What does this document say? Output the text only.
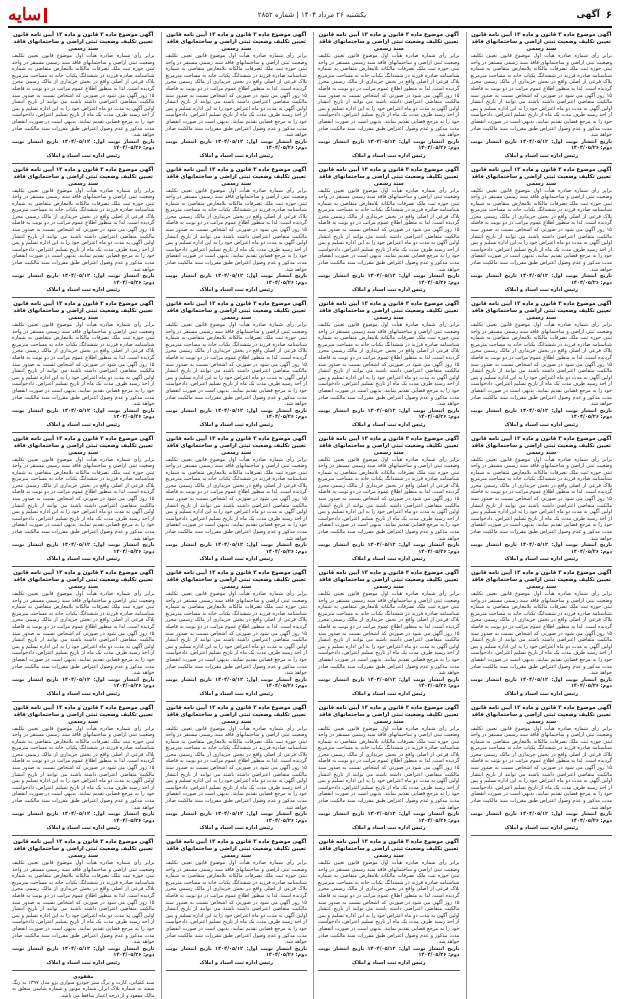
۶
آگهی
یکشنبه ۲۶ مرداد ۱۴۰۴ | شماره ۲۸۵۲
سایه
آگهی موضوع ماده ۳ قانون و ماده ۱۳ آیین نامه قانون تعیین تکلیف وضعیت ثبتی اراضی و ساختمانهای فاقد سند رسمی
برابر رأی شماره صادره هیأت اول موضوع قانون تعیین تکلیف وضعیت ثبتی اراضی و ساختمانهای فاقد سند رسمی مستقر در واحد ثبتی حوزه ثبت ملک تصرفات مالکانه بلامعارض متقاضی به شماره شناسنامه صادره فرزند در ششدانگ یکباب خانه به مساحت مترمربع پلاک فرعی از اصلی واقع در بخش خریداری از مالک رسمی محرز گردیده است. لذا به منظور اطلاع عموم مراتب در دو نوبت به فاصله ۱۵ روز آگهی می شود در صورتی که اشخاص نسبت به صدور سند مالکیت متقاضی اعتراضی داشته باشند می توانند از تاریخ انتشار اولین آگهی به مدت دو ماه اعتراض خود را به این اداره تسلیم و پس از اخذ رسید ظرف مدت یک ماه از تاریخ تسلیم اعتراض، دادخواست خود را به مرجع قضایی تقدیم نمایند. بدیهی است در صورت انقضای مدت مذکور و عدم وصول اعتراض طبق مقررات سند مالکیت صادر خواهد شد.
تاریخ انتشار نوبت اول: ۱۴۰۴/۰۵/۱۲ تاریخ انتشار نوبت دوم: ۱۴۰۴/۰۵/۲۶
رئیس اداره ثبت اسناد و املاک
آگهی موضوع ماده ۳ قانون و ماده ۱۳ آیین نامه قانون تعیین تکلیف وضعیت ثبتی اراضی و ساختمانهای فاقد سند رسمی
برابر رأی شماره صادره هیأت اول موضوع قانون تعیین تکلیف وضعیت ثبتی اراضی و ساختمانهای فاقد سند رسمی مستقر در واحد ثبتی حوزه ثبت ملک تصرفات مالکانه بلامعارض متقاضی به شماره شناسنامه صادره فرزند در ششدانگ یکباب خانه به مساحت مترمربع پلاک فرعی از اصلی واقع در بخش خریداری از مالک رسمی محرز گردیده است. لذا به منظور اطلاع عموم مراتب در دو نوبت به فاصله ۱۵ روز آگهی می شود در صورتی که اشخاص نسبت به صدور سند مالکیت متقاضی اعتراضی داشته باشند می توانند از تاریخ انتشار اولین آگهی به مدت دو ماه اعتراض خود را به این اداره تسلیم و پس از اخذ رسید ظرف مدت یک ماه از تاریخ تسلیم اعتراض، دادخواست خود را به مرجع قضایی تقدیم نمایند. بدیهی است در صورت انقضای مدت مذکور و عدم وصول اعتراض طبق مقررات سند مالکیت صادر خواهد شد.
تاریخ انتشار نوبت اول: ۱۴۰۴/۰۵/۱۲ تاریخ انتشار نوبت دوم: ۱۴۰۴/۰۵/۲۶
رئیس اداره ثبت اسناد و املاک
آگهی موضوع ماده ۳ قانون و ماده ۱۳ آیین نامه قانون تعیین تکلیف وضعیت ثبتی اراضی و ساختمانهای فاقد سند رسمی
برابر رأی شماره صادره هیأت اول موضوع قانون تعیین تکلیف وضعیت ثبتی اراضی و ساختمانهای فاقد سند رسمی مستقر در واحد ثبتی حوزه ثبت ملک تصرفات مالکانه بلامعارض متقاضی به شماره شناسنامه صادره فرزند در ششدانگ یکباب خانه به مساحت مترمربع پلاک فرعی از اصلی واقع در بخش خریداری از مالک رسمی محرز گردیده است. لذا به منظور اطلاع عموم مراتب در دو نوبت به فاصله ۱۵ روز آگهی می شود در صورتی که اشخاص نسبت به صدور سند مالکیت متقاضی اعتراضی داشته باشند می توانند از تاریخ انتشار اولین آگهی به مدت دو ماه اعتراض خود را به این اداره تسلیم و پس از اخذ رسید ظرف مدت یک ماه از تاریخ تسلیم اعتراض، دادخواست خود را به مرجع قضایی تقدیم نمایند. بدیهی است در صورت انقضای مدت مذکور و عدم وصول اعتراض طبق مقررات سند مالکیت صادر خواهد شد.
تاریخ انتشار نوبت اول: ۱۴۰۴/۰۵/۱۲ تاریخ انتشار نوبت دوم: ۱۴۰۴/۰۵/۲۶
رئیس اداره ثبت اسناد و املاک
آگهی موضوع ماده ۳ قانون و ماده ۱۳ آیین نامه قانون تعیین تکلیف وضعیت ثبتی اراضی و ساختمانهای فاقد سند رسمی
برابر رأی شماره صادره هیأت اول موضوع قانون تعیین تکلیف وضعیت ثبتی اراضی و ساختمانهای فاقد سند رسمی مستقر در واحد ثبتی حوزه ثبت ملک تصرفات مالکانه بلامعارض متقاضی به شماره شناسنامه صادره فرزند در ششدانگ یکباب خانه به مساحت مترمربع پلاک فرعی از اصلی واقع در بخش خریداری از مالک رسمی محرز گردیده است. لذا به منظور اطلاع عموم مراتب در دو نوبت به فاصله ۱۵ روز آگهی می شود در صورتی که اشخاص نسبت به صدور سند مالکیت متقاضی اعتراضی داشته باشند می توانند از تاریخ انتشار اولین آگهی به مدت دو ماه اعتراض خود را به این اداره تسلیم و پس از اخذ رسید ظرف مدت یک ماه از تاریخ تسلیم اعتراض، دادخواست خود را به مرجع قضایی تقدیم نمایند. بدیهی است در صورت انقضای مدت مذکور و عدم وصول اعتراض طبق مقررات سند مالکیت صادر خواهد شد.
تاریخ انتشار نوبت اول: ۱۴۰۴/۰۵/۱۲ تاریخ انتشار نوبت دوم: ۱۴۰۴/۰۵/۲۶
رئیس اداره ثبت اسناد و املاک
آگهی موضوع ماده ۳ قانون و ماده ۱۳ آیین نامه قانون تعیین تکلیف وضعیت ثبتی اراضی و ساختمانهای فاقد سند رسمی
برابر رأی شماره صادره هیأت اول موضوع قانون تعیین تکلیف وضعیت ثبتی اراضی و ساختمانهای فاقد سند رسمی مستقر در واحد ثبتی حوزه ثبت ملک تصرفات مالکانه بلامعارض متقاضی به شماره شناسنامه صادره فرزند در ششدانگ یکباب خانه به مساحت مترمربع پلاک فرعی از اصلی واقع در بخش خریداری از مالک رسمی محرز گردیده است. لذا به منظور اطلاع عموم مراتب در دو نوبت به فاصله ۱۵ روز آگهی می شود در صورتی که اشخاص نسبت به صدور سند مالکیت متقاضی اعتراضی داشته باشند می توانند از تاریخ انتشار اولین آگهی به مدت دو ماه اعتراض خود را به این اداره تسلیم و پس از اخذ رسید ظرف مدت یک ماه از تاریخ تسلیم اعتراض، دادخواست خود را به مرجع قضایی تقدیم نمایند. بدیهی است در صورت انقضای مدت مذکور و عدم وصول اعتراض طبق مقررات سند مالکیت صادر خواهد شد.
تاریخ انتشار نوبت اول: ۱۴۰۴/۰۵/۱۲ تاریخ انتشار نوبت دوم: ۱۴۰۴/۰۵/۲۶
رئیس اداره ثبت اسناد و املاک
آگهی موضوع ماده ۳ قانون و ماده ۱۳ آیین نامه قانون تعیین تکلیف وضعیت ثبتی اراضی و ساختمانهای فاقد سند رسمی
برابر رأی شماره صادره هیأت اول موضوع قانون تعیین تکلیف وضعیت ثبتی اراضی و ساختمانهای فاقد سند رسمی مستقر در واحد ثبتی حوزه ثبت ملک تصرفات مالکانه بلامعارض متقاضی به شماره شناسنامه صادره فرزند در ششدانگ یکباب خانه به مساحت مترمربع پلاک فرعی از اصلی واقع در بخش خریداری از مالک رسمی محرز گردیده است. لذا به منظور اطلاع عموم مراتب در دو نوبت به فاصله ۱۵ روز آگهی می شود در صورتی که اشخاص نسبت به صدور سند مالکیت متقاضی اعتراضی داشته باشند می توانند از تاریخ انتشار اولین آگهی به مدت دو ماه اعتراض خود را به این اداره تسلیم و پس از اخذ رسید ظرف مدت یک ماه از تاریخ تسلیم اعتراض، دادخواست خود را به مرجع قضایی تقدیم نمایند. بدیهی است در صورت انقضای مدت مذکور و عدم وصول اعتراض طبق مقررات سند مالکیت صادر خواهد شد.
تاریخ انتشار نوبت اول: ۱۴۰۴/۰۵/۱۲ تاریخ انتشار نوبت دوم: ۱۴۰۴/۰۵/۲۶
رئیس اداره ثبت اسناد و املاک
آگهی موضوع ماده ۳ قانون و ماده ۱۳ آیین نامه قانون تعیین تکلیف وضعیت ثبتی اراضی و ساختمانهای فاقد سند رسمی
برابر رأی شماره صادره هیأت اول موضوع قانون تعیین تکلیف وضعیت ثبتی اراضی و ساختمانهای فاقد سند رسمی مستقر در واحد ثبتی حوزه ثبت ملک تصرفات مالکانه بلامعارض متقاضی به شماره شناسنامه صادره فرزند در ششدانگ یکباب خانه به مساحت مترمربع پلاک فرعی از اصلی واقع در بخش خریداری از مالک رسمی محرز گردیده است. لذا به منظور اطلاع عموم مراتب در دو نوبت به فاصله ۱۵ روز آگهی می شود در صورتی که اشخاص نسبت به صدور سند مالکیت متقاضی اعتراضی داشته باشند می توانند از تاریخ انتشار اولین آگهی به مدت دو ماه اعتراض خود را به این اداره تسلیم و پس از اخذ رسید ظرف مدت یک ماه از تاریخ تسلیم اعتراض، دادخواست خود را به مرجع قضایی تقدیم نمایند. بدیهی است در صورت انقضای مدت مذکور و عدم وصول اعتراض طبق مقررات سند مالکیت صادر خواهد شد.
تاریخ انتشار نوبت اول: ۱۴۰۴/۰۵/۱۲ تاریخ انتشار نوبت دوم: ۱۴۰۴/۰۵/۲۶
رئیس اداره ثبت اسناد و املاک
آگهی موضوع ماده ۳ قانون و ماده ۱۳ آیین نامه قانون تعیین تکلیف وضعیت ثبتی اراضی و ساختمانهای فاقد سند رسمی
برابر رأی شماره صادره هیأت اول موضوع قانون تعیین تکلیف وضعیت ثبتی اراضی و ساختمانهای فاقد سند رسمی مستقر در واحد ثبتی حوزه ثبت ملک تصرفات مالکانه بلامعارض متقاضی به شماره شناسنامه صادره فرزند در ششدانگ یکباب خانه به مساحت مترمربع پلاک فرعی از اصلی واقع در بخش خریداری از مالک رسمی محرز گردیده است. لذا به منظور اطلاع عموم مراتب در دو نوبت به فاصله ۱۵ روز آگهی می شود در صورتی که اشخاص نسبت به صدور سند مالکیت متقاضی اعتراضی داشته باشند می توانند از تاریخ انتشار اولین آگهی به مدت دو ماه اعتراض خود را به این اداره تسلیم و پس از اخذ رسید ظرف مدت یک ماه از تاریخ تسلیم اعتراض، دادخواست خود را به مرجع قضایی تقدیم نمایند. بدیهی است در صورت انقضای مدت مذکور و عدم وصول اعتراض طبق مقررات سند مالکیت صادر خواهد شد.
تاریخ انتشار نوبت اول: ۱۴۰۴/۰۵/۱۲ تاریخ انتشار نوبت دوم: ۱۴۰۴/۰۵/۲۶
رئیس اداره ثبت اسناد و املاک
آگهی موضوع ماده ۳ قانون و ماده ۱۳ آیین نامه قانون تعیین تکلیف وضعیت ثبتی اراضی و ساختمانهای فاقد سند رسمی
برابر رأی شماره صادره هیأت اول موضوع قانون تعیین تکلیف وضعیت ثبتی اراضی و ساختمانهای فاقد سند رسمی مستقر در واحد ثبتی حوزه ثبت ملک تصرفات مالکانه بلامعارض متقاضی به شماره شناسنامه صادره فرزند در ششدانگ یکباب خانه به مساحت مترمربع پلاک فرعی از اصلی واقع در بخش خریداری از مالک رسمی محرز گردیده است. لذا به منظور اطلاع عموم مراتب در دو نوبت به فاصله ۱۵ روز آگهی می شود در صورتی که اشخاص نسبت به صدور سند مالکیت متقاضی اعتراضی داشته باشند می توانند از تاریخ انتشار اولین آگهی به مدت دو ماه اعتراض خود را به این اداره تسلیم و پس از اخذ رسید ظرف مدت یک ماه از تاریخ تسلیم اعتراض، دادخواست خود را به مرجع قضایی تقدیم نمایند. بدیهی است در صورت انقضای مدت مذکور و عدم وصول اعتراض طبق مقررات سند مالکیت صادر خواهد شد.
تاریخ انتشار نوبت اول: ۱۴۰۴/۰۵/۱۲ تاریخ انتشار نوبت دوم: ۱۴۰۴/۰۵/۲۶
رئیس اداره ثبت اسناد و املاک
آگهی موضوع ماده ۳ قانون و ماده ۱۳ آیین نامه قانون تعیین تکلیف وضعیت ثبتی اراضی و ساختمانهای فاقد سند رسمی
برابر رأی شماره صادره هیأت اول موضوع قانون تعیین تکلیف وضعیت ثبتی اراضی و ساختمانهای فاقد سند رسمی مستقر در واحد ثبتی حوزه ثبت ملک تصرفات مالکانه بلامعارض متقاضی به شماره شناسنامه صادره فرزند در ششدانگ یکباب خانه به مساحت مترمربع پلاک فرعی از اصلی واقع در بخش خریداری از مالک رسمی محرز گردیده است. لذا به منظور اطلاع عموم مراتب در دو نوبت به فاصله ۱۵ روز آگهی می شود در صورتی که اشخاص نسبت به صدور سند مالکیت متقاضی اعتراضی داشته باشند می توانند از تاریخ انتشار اولین آگهی به مدت دو ماه اعتراض خود را به این اداره تسلیم و پس از اخذ رسید ظرف مدت یک ماه از تاریخ تسلیم اعتراض، دادخواست خود را به مرجع قضایی تقدیم نمایند. بدیهی است در صورت انقضای مدت مذکور و عدم وصول اعتراض طبق مقررات سند مالکیت صادر خواهد شد.
تاریخ انتشار نوبت اول: ۱۴۰۴/۰۵/۱۲ تاریخ انتشار نوبت دوم: ۱۴۰۴/۰۵/۲۶
رئیس اداره ثبت اسناد و املاک
آگهی موضوع ماده ۳ قانون و ماده ۱۳ آیین نامه قانون تعیین تکلیف وضعیت ثبتی اراضی و ساختمانهای فاقد سند رسمی
برابر رأی شماره صادره هیأت اول موضوع قانون تعیین تکلیف وضعیت ثبتی اراضی و ساختمانهای فاقد سند رسمی مستقر در واحد ثبتی حوزه ثبت ملک تصرفات مالکانه بلامعارض متقاضی به شماره شناسنامه صادره فرزند در ششدانگ یکباب خانه به مساحت مترمربع پلاک فرعی از اصلی واقع در بخش خریداری از مالک رسمی محرز گردیده است. لذا به منظور اطلاع عموم مراتب در دو نوبت به فاصله ۱۵ روز آگهی می شود در صورتی که اشخاص نسبت به صدور سند مالکیت متقاضی اعتراضی داشته باشند می توانند از تاریخ انتشار اولین آگهی به مدت دو ماه اعتراض خود را به این اداره تسلیم و پس از اخذ رسید ظرف مدت یک ماه از تاریخ تسلیم اعتراض، دادخواست خود را به مرجع قضایی تقدیم نمایند. بدیهی است در صورت انقضای مدت مذکور و عدم وصول اعتراض طبق مقررات سند مالکیت صادر خواهد شد.
تاریخ انتشار نوبت اول: ۱۴۰۴/۰۵/۱۲ تاریخ انتشار نوبت دوم: ۱۴۰۴/۰۵/۲۶
رئیس اداره ثبت اسناد و املاک
آگهی موضوع ماده ۳ قانون و ماده ۱۳ آیین نامه قانون تعیین تکلیف وضعیت ثبتی اراضی و ساختمانهای فاقد سند رسمی
برابر رأی شماره صادره هیأت اول موضوع قانون تعیین تکلیف وضعیت ثبتی اراضی و ساختمانهای فاقد سند رسمی مستقر در واحد ثبتی حوزه ثبت ملک تصرفات مالکانه بلامعارض متقاضی به شماره شناسنامه صادره فرزند در ششدانگ یکباب خانه به مساحت مترمربع پلاک فرعی از اصلی واقع در بخش خریداری از مالک رسمی محرز گردیده است. لذا به منظور اطلاع عموم مراتب در دو نوبت به فاصله ۱۵ روز آگهی می شود در صورتی که اشخاص نسبت به صدور سند مالکیت متقاضی اعتراضی داشته باشند می توانند از تاریخ انتشار اولین آگهی به مدت دو ماه اعتراض خود را به این اداره تسلیم و پس از اخذ رسید ظرف مدت یک ماه از تاریخ تسلیم اعتراض، دادخواست خود را به مرجع قضایی تقدیم نمایند. بدیهی است در صورت انقضای مدت مذکور و عدم وصول اعتراض طبق مقررات سند مالکیت صادر خواهد شد.
تاریخ انتشار نوبت اول: ۱۴۰۴/۰۵/۱۲ تاریخ انتشار نوبت دوم: ۱۴۰۴/۰۵/۲۶
رئیس اداره ثبت اسناد و املاک
آگهی موضوع ماده ۳ قانون و ماده ۱۳ آیین نامه قانون تعیین تکلیف وضعیت ثبتی اراضی و ساختمانهای فاقد سند رسمی
برابر رأی شماره صادره هیأت اول موضوع قانون تعیین تکلیف وضعیت ثبتی اراضی و ساختمانهای فاقد سند رسمی مستقر در واحد ثبتی حوزه ثبت ملک تصرفات مالکانه بلامعارض متقاضی به شماره شناسنامه صادره فرزند در ششدانگ یکباب خانه به مساحت مترمربع پلاک فرعی از اصلی واقع در بخش خریداری از مالک رسمی محرز گردیده است. لذا به منظور اطلاع عموم مراتب در دو نوبت به فاصله ۱۵ روز آگهی می شود در صورتی که اشخاص نسبت به صدور سند مالکیت متقاضی اعتراضی داشته باشند می توانند از تاریخ انتشار اولین آگهی به مدت دو ماه اعتراض خود را به این اداره تسلیم و پس از اخذ رسید ظرف مدت یک ماه از تاریخ تسلیم اعتراض، دادخواست خود را به مرجع قضایی تقدیم نمایند. بدیهی است در صورت انقضای مدت مذکور و عدم وصول اعتراض طبق مقررات سند مالکیت صادر خواهد شد.
تاریخ انتشار نوبت اول: ۱۴۰۴/۰۵/۱۲ تاریخ انتشار نوبت دوم: ۱۴۰۴/۰۵/۲۶
رئیس اداره ثبت اسناد و املاک
آگهی موضوع ماده ۳ قانون و ماده ۱۳ آیین نامه قانون تعیین تکلیف وضعیت ثبتی اراضی و ساختمانهای فاقد سند رسمی
برابر رأی شماره صادره هیأت اول موضوع قانون تعیین تکلیف وضعیت ثبتی اراضی و ساختمانهای فاقد سند رسمی مستقر در واحد ثبتی حوزه ثبت ملک تصرفات مالکانه بلامعارض متقاضی به شماره شناسنامه صادره فرزند در ششدانگ یکباب خانه به مساحت مترمربع پلاک فرعی از اصلی واقع در بخش خریداری از مالک رسمی محرز گردیده است. لذا به منظور اطلاع عموم مراتب در دو نوبت به فاصله ۱۵ روز آگهی می شود در صورتی که اشخاص نسبت به صدور سند مالکیت متقاضی اعتراضی داشته باشند می توانند از تاریخ انتشار اولین آگهی به مدت دو ماه اعتراض خود را به این اداره تسلیم و پس از اخذ رسید ظرف مدت یک ماه از تاریخ تسلیم اعتراض، دادخواست خود را به مرجع قضایی تقدیم نمایند. بدیهی است در صورت انقضای مدت مذکور و عدم وصول اعتراض طبق مقررات سند مالکیت صادر خواهد شد.
تاریخ انتشار نوبت اول: ۱۴۰۴/۰۵/۱۲ تاریخ انتشار نوبت دوم: ۱۴۰۴/۰۵/۲۶
رئیس اداره ثبت اسناد و املاک
آگهی موضوع ماده ۳ قانون و ماده ۱۳ آیین نامه قانون تعیین تکلیف وضعیت ثبتی اراضی و ساختمانهای فاقد سند رسمی
برابر رأی شماره صادره هیأت اول موضوع قانون تعیین تکلیف وضعیت ثبتی اراضی و ساختمانهای فاقد سند رسمی مستقر در واحد ثبتی حوزه ثبت ملک تصرفات مالکانه بلامعارض متقاضی به شماره شناسنامه صادره فرزند در ششدانگ یکباب خانه به مساحت مترمربع پلاک فرعی از اصلی واقع در بخش خریداری از مالک رسمی محرز گردیده است. لذا به منظور اطلاع عموم مراتب در دو نوبت به فاصله ۱۵ روز آگهی می شود در صورتی که اشخاص نسبت به صدور سند مالکیت متقاضی اعتراضی داشته باشند می توانند از تاریخ انتشار اولین آگهی به مدت دو ماه اعتراض خود را به این اداره تسلیم و پس از اخذ رسید ظرف مدت یک ماه از تاریخ تسلیم اعتراض، دادخواست خود را به مرجع قضایی تقدیم نمایند. بدیهی است در صورت انقضای مدت مذکور و عدم وصول اعتراض طبق مقررات سند مالکیت صادر خواهد شد.
تاریخ انتشار نوبت اول: ۱۴۰۴/۰۵/۱۲ تاریخ انتشار نوبت دوم: ۱۴۰۴/۰۵/۲۶
رئیس اداره ثبت اسناد و املاک
آگهی موضوع ماده ۳ قانون و ماده ۱۳ آیین نامه قانون تعیین تکلیف وضعیت ثبتی اراضی و ساختمانهای فاقد سند رسمی
برابر رأی شماره صادره هیأت اول موضوع قانون تعیین تکلیف وضعیت ثبتی اراضی و ساختمانهای فاقد سند رسمی مستقر در واحد ثبتی حوزه ثبت ملک تصرفات مالکانه بلامعارض متقاضی به شماره شناسنامه صادره فرزند در ششدانگ یکباب خانه به مساحت مترمربع پلاک فرعی از اصلی واقع در بخش خریداری از مالک رسمی محرز گردیده است. لذا به منظور اطلاع عموم مراتب در دو نوبت به فاصله ۱۵ روز آگهی می شود در صورتی که اشخاص نسبت به صدور سند مالکیت متقاضی اعتراضی داشته باشند می توانند از تاریخ انتشار اولین آگهی به مدت دو ماه اعتراض خود را به این اداره تسلیم و پس از اخذ رسید ظرف مدت یک ماه از تاریخ تسلیم اعتراض، دادخواست خود را به مرجع قضایی تقدیم نمایند. بدیهی است در صورت انقضای مدت مذکور و عدم وصول اعتراض طبق مقررات سند مالکیت صادر خواهد شد.
تاریخ انتشار نوبت اول: ۱۴۰۴/۰۵/۱۲ تاریخ انتشار نوبت دوم: ۱۴۰۴/۰۵/۲۶
رئیس اداره ثبت اسناد و املاک
آگهی موضوع ماده ۳ قانون و ماده ۱۳ آیین نامه قانون تعیین تکلیف وضعیت ثبتی اراضی و ساختمانهای فاقد سند رسمی
برابر رأی شماره صادره هیأت اول موضوع قانون تعیین تکلیف وضعیت ثبتی اراضی و ساختمانهای فاقد سند رسمی مستقر در واحد ثبتی حوزه ثبت ملک تصرفات مالکانه بلامعارض متقاضی به شماره شناسنامه صادره فرزند در ششدانگ یکباب خانه به مساحت مترمربع پلاک فرعی از اصلی واقع در بخش خریداری از مالک رسمی محرز گردیده است. لذا به منظور اطلاع عموم مراتب در دو نوبت به فاصله ۱۵ روز آگهی می شود در صورتی که اشخاص نسبت به صدور سند مالکیت متقاضی اعتراضی داشته باشند می توانند از تاریخ انتشار اولین آگهی به مدت دو ماه اعتراض خود را به این اداره تسلیم و پس از اخذ رسید ظرف مدت یک ماه از تاریخ تسلیم اعتراض، دادخواست خود را به مرجع قضایی تقدیم نمایند. بدیهی است در صورت انقضای مدت مذکور و عدم وصول اعتراض طبق مقررات سند مالکیت صادر خواهد شد.
تاریخ انتشار نوبت اول: ۱۴۰۴/۰۵/۱۲ تاریخ انتشار نوبت دوم: ۱۴۰۴/۰۵/۲۶
رئیس اداره ثبت اسناد و املاک
آگهی موضوع ماده ۳ قانون و ماده ۱۳ آیین نامه قانون تعیین تکلیف وضعیت ثبتی اراضی و ساختمانهای فاقد سند رسمی
برابر رأی شماره صادره هیأت اول موضوع قانون تعیین تکلیف وضعیت ثبتی اراضی و ساختمانهای فاقد سند رسمی مستقر در واحد ثبتی حوزه ثبت ملک تصرفات مالکانه بلامعارض متقاضی به شماره شناسنامه صادره فرزند در ششدانگ یکباب خانه به مساحت مترمربع پلاک فرعی از اصلی واقع در بخش خریداری از مالک رسمی محرز گردیده است. لذا به منظور اطلاع عموم مراتب در دو نوبت به فاصله ۱۵ روز آگهی می شود در صورتی که اشخاص نسبت به صدور سند مالکیت متقاضی اعتراضی داشته باشند می توانند از تاریخ انتشار اولین آگهی به مدت دو ماه اعتراض خود را به این اداره تسلیم و پس از اخذ رسید ظرف مدت یک ماه از تاریخ تسلیم اعتراض، دادخواست خود را به مرجع قضایی تقدیم نمایند. بدیهی است در صورت انقضای مدت مذکور و عدم وصول اعتراض طبق مقررات سند مالکیت صادر خواهد شد.
تاریخ انتشار نوبت اول: ۱۴۰۴/۰۵/۱۲ تاریخ انتشار نوبت دوم: ۱۴۰۴/۰۵/۲۶
رئیس اداره ثبت اسناد و املاک
آگهی موضوع ماده ۳ قانون و ماده ۱۳ آیین نامه قانون تعیین تکلیف وضعیت ثبتی اراضی و ساختمانهای فاقد سند رسمی
برابر رأی شماره صادره هیأت اول موضوع قانون تعیین تکلیف وضعیت ثبتی اراضی و ساختمانهای فاقد سند رسمی مستقر در واحد ثبتی حوزه ثبت ملک تصرفات مالکانه بلامعارض متقاضی به شماره شناسنامه صادره فرزند در ششدانگ یکباب خانه به مساحت مترمربع پلاک فرعی از اصلی واقع در بخش خریداری از مالک رسمی محرز گردیده است. لذا به منظور اطلاع عموم مراتب در دو نوبت به فاصله ۱۵ روز آگهی می شود در صورتی که اشخاص نسبت به صدور سند مالکیت متقاضی اعتراضی داشته باشند می توانند از تاریخ انتشار اولین آگهی به مدت دو ماه اعتراض خود را به این اداره تسلیم و پس از اخذ رسید ظرف مدت یک ماه از تاریخ تسلیم اعتراض، دادخواست خود را به مرجع قضایی تقدیم نمایند. بدیهی است در صورت انقضای مدت مذکور و عدم وصول اعتراض طبق مقررات سند مالکیت صادر خواهد شد.
تاریخ انتشار نوبت اول: ۱۴۰۴/۰۵/۱۲ تاریخ انتشار نوبت دوم: ۱۴۰۴/۰۵/۲۶
رئیس اداره ثبت اسناد و املاک
آگهی موضوع ماده ۳ قانون و ماده ۱۳ آیین نامه قانون تعیین تکلیف وضعیت ثبتی اراضی و ساختمانهای فاقد سند رسمی
برابر رأی شماره صادره هیأت اول موضوع قانون تعیین تکلیف وضعیت ثبتی اراضی و ساختمانهای فاقد سند رسمی مستقر در واحد ثبتی حوزه ثبت ملک تصرفات مالکانه بلامعارض متقاضی به شماره شناسنامه صادره فرزند در ششدانگ یکباب خانه به مساحت مترمربع پلاک فرعی از اصلی واقع در بخش خریداری از مالک رسمی محرز گردیده است. لذا به منظور اطلاع عموم مراتب در دو نوبت به فاصله ۱۵ روز آگهی می شود در صورتی که اشخاص نسبت به صدور سند مالکیت متقاضی اعتراضی داشته باشند می توانند از تاریخ انتشار اولین آگهی به مدت دو ماه اعتراض خود را به این اداره تسلیم و پس از اخذ رسید ظرف مدت یک ماه از تاریخ تسلیم اعتراض، دادخواست خود را به مرجع قضایی تقدیم نمایند. بدیهی است در صورت انقضای مدت مذکور و عدم وصول اعتراض طبق مقررات سند مالکیت صادر خواهد شد.
تاریخ انتشار نوبت اول: ۱۴۰۴/۰۵/۱۲ تاریخ انتشار نوبت دوم: ۱۴۰۴/۰۵/۲۶
رئیس اداره ثبت اسناد و املاک
آگهی موضوع ماده ۳ قانون و ماده ۱۳ آیین نامه قانون تعیین تکلیف وضعیت ثبتی اراضی و ساختمانهای فاقد سند رسمی
برابر رأی شماره صادره هیأت اول موضوع قانون تعیین تکلیف وضعیت ثبتی اراضی و ساختمانهای فاقد سند رسمی مستقر در واحد ثبتی حوزه ثبت ملک تصرفات مالکانه بلامعارض متقاضی به شماره شناسنامه صادره فرزند در ششدانگ یکباب خانه به مساحت مترمربع پلاک فرعی از اصلی واقع در بخش خریداری از مالک رسمی محرز گردیده است. لذا به منظور اطلاع عموم مراتب در دو نوبت به فاصله ۱۵ روز آگهی می شود در صورتی که اشخاص نسبت به صدور سند مالکیت متقاضی اعتراضی داشته باشند می توانند از تاریخ انتشار اولین آگهی به مدت دو ماه اعتراض خود را به این اداره تسلیم و پس از اخذ رسید ظرف مدت یک ماه از تاریخ تسلیم اعتراض، دادخواست خود را به مرجع قضایی تقدیم نمایند. بدیهی است در صورت انقضای مدت مذکور و عدم وصول اعتراض طبق مقررات سند مالکیت صادر خواهد شد.
تاریخ انتشار نوبت اول: ۱۴۰۴/۰۵/۱۲ تاریخ انتشار نوبت دوم: ۱۴۰۴/۰۵/۲۶
رئیس اداره ثبت اسناد و املاک
آگهی موضوع ماده ۳ قانون و ماده ۱۳ آیین نامه قانون تعیین تکلیف وضعیت ثبتی اراضی و ساختمانهای فاقد سند رسمی
برابر رأی شماره صادره هیأت اول موضوع قانون تعیین تکلیف وضعیت ثبتی اراضی و ساختمانهای فاقد سند رسمی مستقر در واحد ثبتی حوزه ثبت ملک تصرفات مالکانه بلامعارض متقاضی به شماره شناسنامه صادره فرزند در ششدانگ یکباب خانه به مساحت مترمربع پلاک فرعی از اصلی واقع در بخش خریداری از مالک رسمی محرز گردیده است. لذا به منظور اطلاع عموم مراتب در دو نوبت به فاصله ۱۵ روز آگهی می شود در صورتی که اشخاص نسبت به صدور سند مالکیت متقاضی اعتراضی داشته باشند می توانند از تاریخ انتشار اولین آگهی به مدت دو ماه اعتراض خود را به این اداره تسلیم و پس از اخذ رسید ظرف مدت یک ماه از تاریخ تسلیم اعتراض، دادخواست خود را به مرجع قضایی تقدیم نمایند. بدیهی است در صورت انقضای مدت مذکور و عدم وصول اعتراض طبق مقررات سند مالکیت صادر خواهد شد.
تاریخ انتشار نوبت اول: ۱۴۰۴/۰۵/۱۲ تاریخ انتشار نوبت دوم: ۱۴۰۴/۰۵/۲۶
رئیس اداره ثبت اسناد و املاک
آگهی موضوع ماده ۳ قانون و ماده ۱۳ آیین نامه قانون تعیین تکلیف وضعیت ثبتی اراضی و ساختمانهای فاقد سند رسمی
برابر رأی شماره صادره هیأت اول موضوع قانون تعیین تکلیف وضعیت ثبتی اراضی و ساختمانهای فاقد سند رسمی مستقر در واحد ثبتی حوزه ثبت ملک تصرفات مالکانه بلامعارض متقاضی به شماره شناسنامه صادره فرزند در ششدانگ یکباب خانه به مساحت مترمربع پلاک فرعی از اصلی واقع در بخش خریداری از مالک رسمی محرز گردیده است. لذا به منظور اطلاع عموم مراتب در دو نوبت به فاصله ۱۵ روز آگهی می شود در صورتی که اشخاص نسبت به صدور سند مالکیت متقاضی اعتراضی داشته باشند می توانند از تاریخ انتشار اولین آگهی به مدت دو ماه اعتراض خود را به این اداره تسلیم و پس از اخذ رسید ظرف مدت یک ماه از تاریخ تسلیم اعتراض، دادخواست خود را به مرجع قضایی تقدیم نمایند. بدیهی است در صورت انقضای مدت مذکور و عدم وصول اعتراض طبق مقررات سند مالکیت صادر خواهد شد.
تاریخ انتشار نوبت اول: ۱۴۰۴/۰۵/۱۲ تاریخ انتشار نوبت دوم: ۱۴۰۴/۰۵/۲۶
رئیس اداره ثبت اسناد و املاک
آگهی موضوع ماده ۳ قانون و ماده ۱۳ آیین نامه قانون تعیین تکلیف وضعیت ثبتی اراضی و ساختمانهای فاقد سند رسمی
برابر رأی شماره صادره هیأت اول موضوع قانون تعیین تکلیف وضعیت ثبتی اراضی و ساختمانهای فاقد سند رسمی مستقر در واحد ثبتی حوزه ثبت ملک تصرفات مالکانه بلامعارض متقاضی به شماره شناسنامه صادره فرزند در ششدانگ یکباب خانه به مساحت مترمربع پلاک فرعی از اصلی واقع در بخش خریداری از مالک رسمی محرز گردیده است. لذا به منظور اطلاع عموم مراتب در دو نوبت به فاصله ۱۵ روز آگهی می شود در صورتی که اشخاص نسبت به صدور سند مالکیت متقاضی اعتراضی داشته باشند می توانند از تاریخ انتشار اولین آگهی به مدت دو ماه اعتراض خود را به این اداره تسلیم و پس از اخذ رسید ظرف مدت یک ماه از تاریخ تسلیم اعتراض، دادخواست خود را به مرجع قضایی تقدیم نمایند. بدیهی است در صورت انقضای مدت مذکور و عدم وصول اعتراض طبق مقررات سند مالکیت صادر خواهد شد.
تاریخ انتشار نوبت اول: ۱۴۰۴/۰۵/۱۲ تاریخ انتشار نوبت دوم: ۱۴۰۴/۰۵/۲۶
رئیس اداره ثبت اسناد و املاک
آگهی موضوع ماده ۳ قانون و ماده ۱۳ آیین نامه قانون تعیین تکلیف وضعیت ثبتی اراضی و ساختمانهای فاقد سند رسمی
برابر رأی شماره صادره هیأت اول موضوع قانون تعیین تکلیف وضعیت ثبتی اراضی و ساختمانهای فاقد سند رسمی مستقر در واحد ثبتی حوزه ثبت ملک تصرفات مالکانه بلامعارض متقاضی به شماره شناسنامه صادره فرزند در ششدانگ یکباب خانه به مساحت مترمربع پلاک فرعی از اصلی واقع در بخش خریداری از مالک رسمی محرز گردیده است. لذا به منظور اطلاع عموم مراتب در دو نوبت به فاصله ۱۵ روز آگهی می شود در صورتی که اشخاص نسبت به صدور سند مالکیت متقاضی اعتراضی داشته باشند می توانند از تاریخ انتشار اولین آگهی به مدت دو ماه اعتراض خود را به این اداره تسلیم و پس از اخذ رسید ظرف مدت یک ماه از تاریخ تسلیم اعتراض، دادخواست خود را به مرجع قضایی تقدیم نمایند. بدیهی است در صورت انقضای مدت مذکور و عدم وصول اعتراض طبق مقررات سند مالکیت صادر خواهد شد.
تاریخ انتشار نوبت اول: ۱۴۰۴/۰۵/۱۲ تاریخ انتشار نوبت دوم: ۱۴۰۴/۰۵/۲۶
رئیس اداره ثبت اسناد و املاک
آگهی موضوع ماده ۳ قانون و ماده ۱۳ آیین نامه قانون تعیین تکلیف وضعیت ثبتی اراضی و ساختمانهای فاقد سند رسمی
برابر رأی شماره صادره هیأت اول موضوع قانون تعیین تکلیف وضعیت ثبتی اراضی و ساختمانهای فاقد سند رسمی مستقر در واحد ثبتی حوزه ثبت ملک تصرفات مالکانه بلامعارض متقاضی به شماره شناسنامه صادره فرزند در ششدانگ یکباب خانه به مساحت مترمربع پلاک فرعی از اصلی واقع در بخش خریداری از مالک رسمی محرز گردیده است. لذا به منظور اطلاع عموم مراتب در دو نوبت به فاصله ۱۵ روز آگهی می شود در صورتی که اشخاص نسبت به صدور سند مالکیت متقاضی اعتراضی داشته باشند می توانند از تاریخ انتشار اولین آگهی به مدت دو ماه اعتراض خود را به این اداره تسلیم و پس از اخذ رسید ظرف مدت یک ماه از تاریخ تسلیم اعتراض، دادخواست خود را به مرجع قضایی تقدیم نمایند. بدیهی است در صورت انقضای مدت مذکور و عدم وصول اعتراض طبق مقررات سند مالکیت صادر خواهد شد.
تاریخ انتشار نوبت اول: ۱۴۰۴/۰۵/۱۲ تاریخ انتشار نوبت دوم: ۱۴۰۴/۰۵/۲۶
رئیس اداره ثبت اسناد و املاک
آگهی موضوع ماده ۳ قانون و ماده ۱۳ آیین نامه قانون تعیین تکلیف وضعیت ثبتی اراضی و ساختمانهای فاقد سند رسمی
برابر رأی شماره صادره هیأت اول موضوع قانون تعیین تکلیف وضعیت ثبتی اراضی و ساختمانهای فاقد سند رسمی مستقر در واحد ثبتی حوزه ثبت ملک تصرفات مالکانه بلامعارض متقاضی به شماره شناسنامه صادره فرزند در ششدانگ یکباب خانه به مساحت مترمربع پلاک فرعی از اصلی واقع در بخش خریداری از مالک رسمی محرز گردیده است. لذا به منظور اطلاع عموم مراتب در دو نوبت به فاصله ۱۵ روز آگهی می شود در صورتی که اشخاص نسبت به صدور سند مالکیت متقاضی اعتراضی داشته باشند می توانند از تاریخ انتشار اولین آگهی به مدت دو ماه اعتراض خود را به این اداره تسلیم و پس از اخذ رسید ظرف مدت یک ماه از تاریخ تسلیم اعتراض، دادخواست خود را به مرجع قضایی تقدیم نمایند. بدیهی است در صورت انقضای مدت مذکور و عدم وصول اعتراض طبق مقررات سند مالکیت صادر خواهد شد.
تاریخ انتشار نوبت اول: ۱۴۰۴/۰۵/۱۲ تاریخ انتشار نوبت دوم: ۱۴۰۴/۰۵/۲۶
رئیس اداره ثبت اسناد و املاک
مفقودی
سند کمپانی، کارت و برگ سبز خودرو سواری پژو مدل ۱۳۹۷ به رنگ سفید به شماره پلاک ایران شماره موتور و شماره شاسی متعلق به مالک مفقود و از درجه اعتبار ساقط می باشد.
